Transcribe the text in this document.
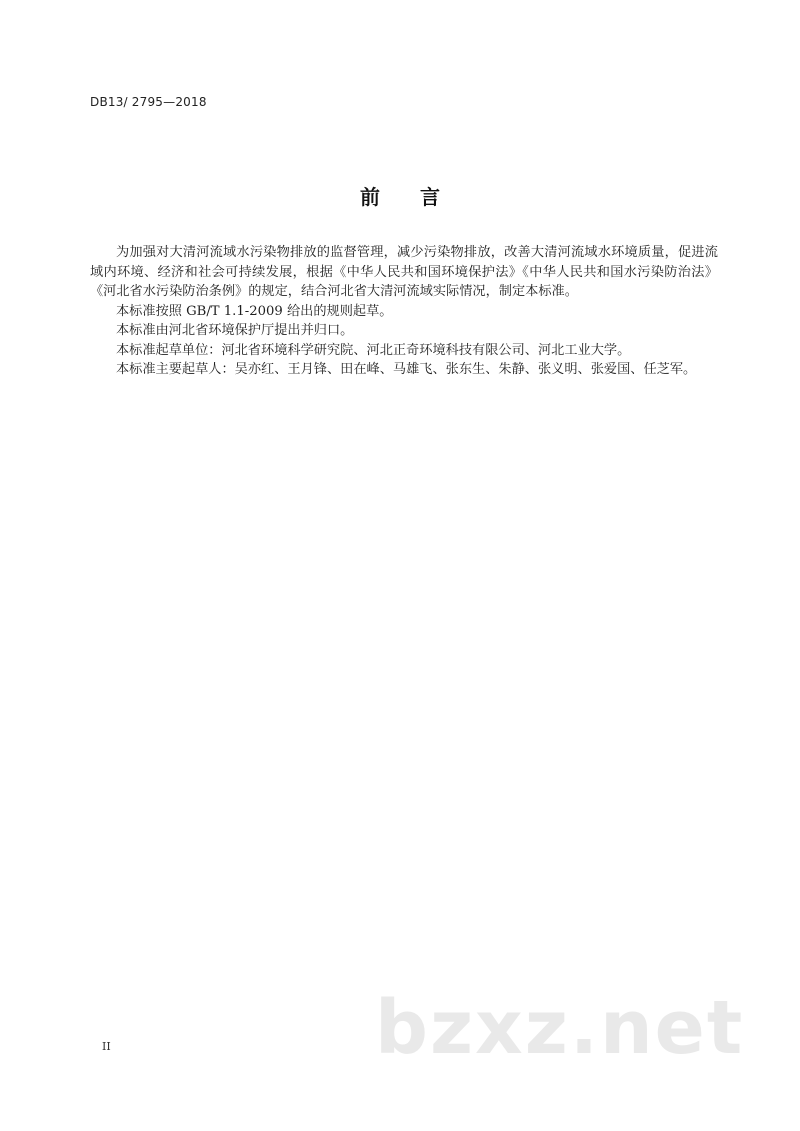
DB13/ 2795—2018
前 言

为加强对大清河流域水污染物排放的监督管理，减少污染物排放，改善大清河流域水环境质量，促进流域内环境、经济和社会可持续发展，根据《中华人民共和国环境保护法》《中华人民共和国水污染防治法》《河北省水污染防治条例》的规定，结合河北省大清河流域实际情况，制定本标准。

本标准按照 GB/T 1.1-2009 给出的规则起草。

本标准由河北省环境保护厅提出并归口。

本标准起草单位：河北省环境科学研究院、河北正奇环境科技有限公司、河北工业大学。

本标准主要起草人：吴亦红、王月锋、田在峰、马雄飞、张东生、朱静、张义明、张爱国、任芝军。

II	bzxz.net
